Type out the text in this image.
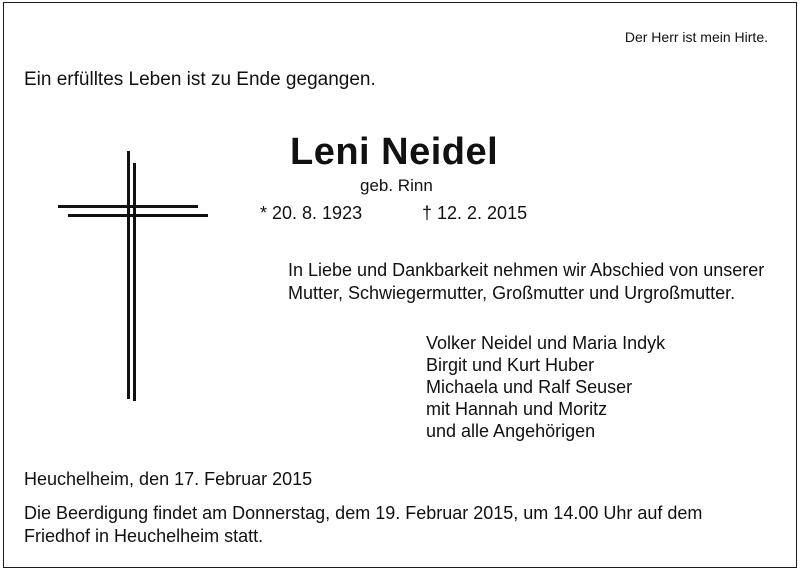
Der Herr ist mein Hirte.
Ein erfülltes Leben ist zu Ende gegangen.
Leni Neidel
geb. Rinn
* 20. 8. 1923	† 12. 2. 2015
In Liebe und Dankbarkeit nehmen wir Abschied von unserer
Mutter, Schwiegermutter, Großmutter und Urgroßmutter.
Volker Neidel und Maria Indyk
Birgit und Kurt Huber
Michaela und Ralf Seuser
mit Hannah und Moritz
und alle Angehörigen
Heuchelheim, den 17. Februar 2015
Die Beerdigung findet am Donnerstag, dem 19. Februar 2015, um 14.00 Uhr auf dem
Friedhof in Heuchelheim statt.
